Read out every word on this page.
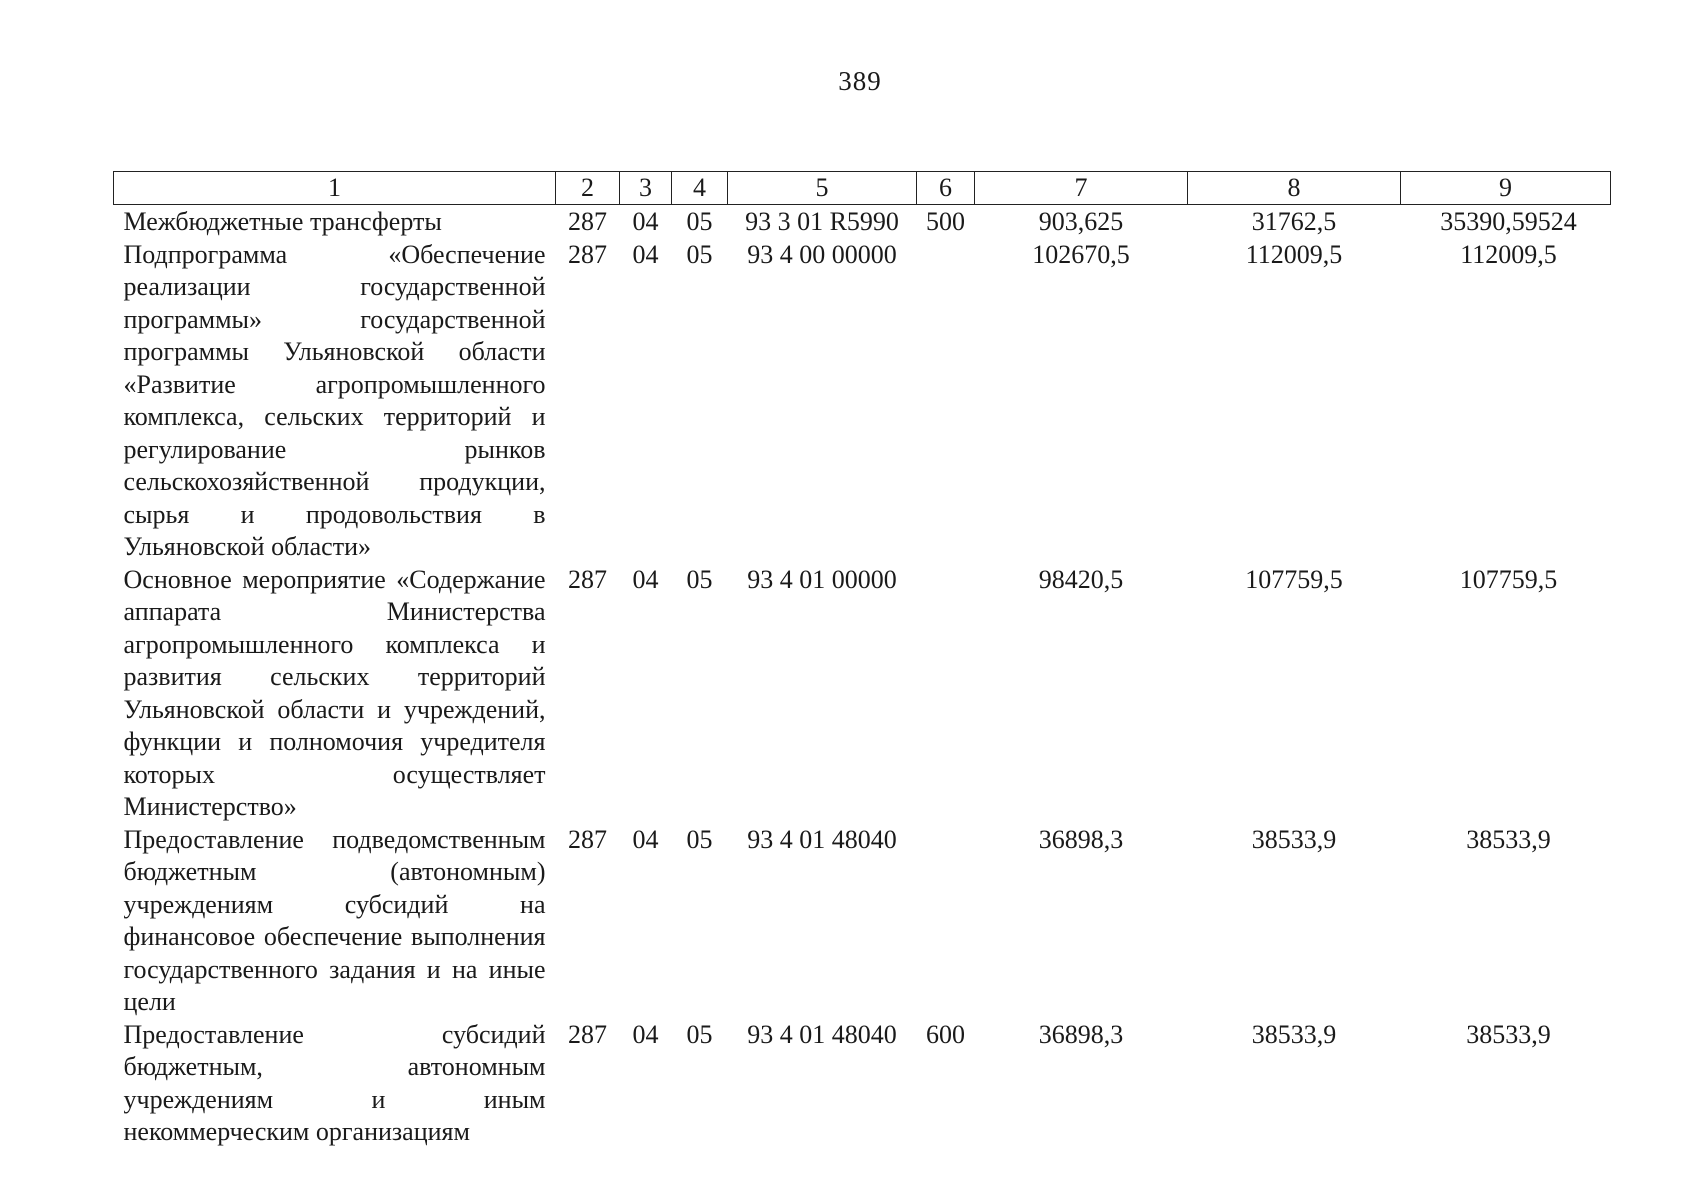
389
1	2	3	4	5	6	7	8	9
Межбюджетные трансферты	287	04	05	93 3 01 R5990	500	903,625	31762,5	35390,59524
Подпрограмма «Обеспечение реализации государственной программы» государственной программы Ульяновской области «Развитие агропромышленного комплекса, сельских территорий и регулирование рынков сельскохозяйственной продукции, сырья и продовольствия в Ульяновской области»	287	04	05	93 4 00 00000		102670,5	112009,5	112009,5
Основное мероприятие «Содержание аппарата Министерства агропромышленного комплекса и развития сельских территорий Ульяновской области и учреждений, функции и полномочия учредителя которых осуществляет Министерство»	287	04	05	93 4 01 00000		98420,5	107759,5	107759,5
Предоставление подведомственным бюджетным (автономным) учреждениям субсидий на финансовое обеспечение выполнения государственного задания и на иные цели	287	04	05	93 4 01 48040		36898,3	38533,9	38533,9
Предоставление субсидий бюджетным, автономным учреждениям и иным некоммерческим организациям	287	04	05	93 4 01 48040	600	36898,3	38533,9	38533,9
